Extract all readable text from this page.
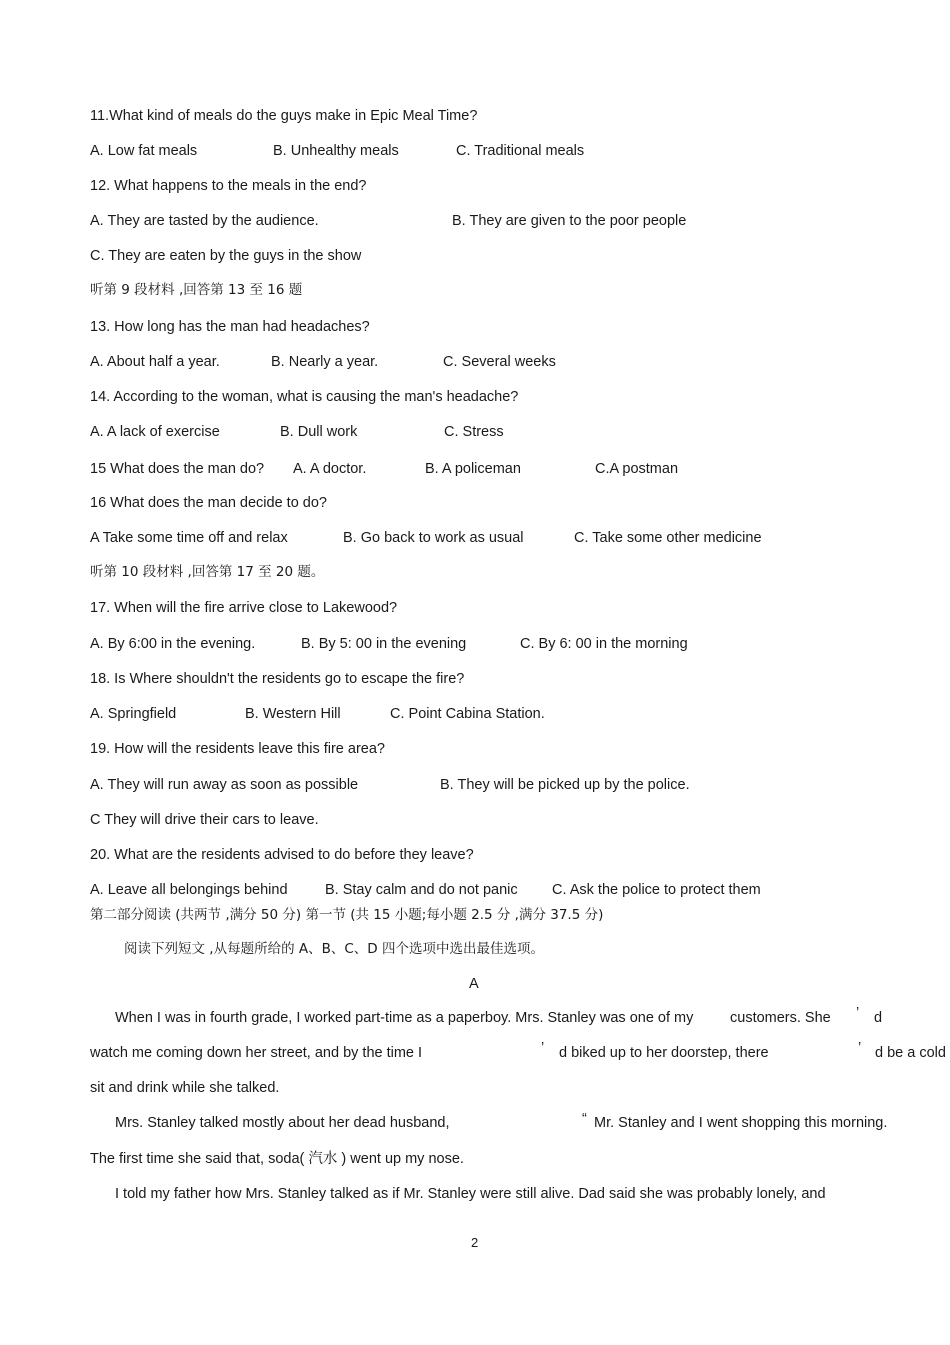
11.What kind of meals do the guys make in Epic Meal Time?
A. Low fat meals	B. Unhealthy meals	C. Traditional meals
12. What happens to the meals in the end?
A. They are tasted by the audience.	B. They are given to the poor people
C. They are eaten by the guys in the show
听第 9 段材料 ,回答第 13 至 16 题
13. How long has the man had headaches?
A. About half a year.	B. Nearly a year.	C. Several weeks
14. According to the woman, what is causing the man's headache?
A. A lack of exercise	B. Dull work	C. Stress
15 What does the man do? A. A doctor.	B. A policeman	C.A postman
16 What does the man decide to do?
A Take some time off and relax	B. Go back to work as usual	C. Take some other medicine
听第 10 段材料 ,回答第 17 至 20 题。
17. When will the fire arrive close to Lakewood?
A. By 6:00 in the evening.	B. By 5: 00 in the evening	C. By 6: 00 in the morning
18. Is Where shouldn't the residents go to escape the fire?
A. Springfield	B. Western Hill	C. Point Cabina Station.
19. How will the residents leave this fire area?
A. They will run away as soon as possible	B. They will be picked up by the police.
C They will drive their cars to leave.
20. What are the residents advised to do before they leave?
A. Leave all belongings behind	B. Stay calm and do not panic C. Ask the police to protect them
第二部分阅读 (共两节 ,满分 50 分) 第一节 (共 15 小题;每小题 2.5 分 ,满分 37.5 分)
阅读下列短文 ,从每题所给的 A、B、C、D 四个选项中选出最佳选项。
A
When I was in fourth grade, I worked part-time as a paperboy. Mrs. Stanley was one of my	customers. She ’ d
watch me coming down her street, and by the time I	’ d biked up to her doorstep, there	’ d be a cold
sit and drink while she talked.
Mrs. Stanley talked mostly about her dead husband,	“ Mr. Stanley and I went shopping this morning.
The first time she said that, soda( 汽水 ) went up my nose.
I told my father how Mrs. Stanley talked as if Mr. Stanley were still alive. Dad said she was probably lonely, and
2
